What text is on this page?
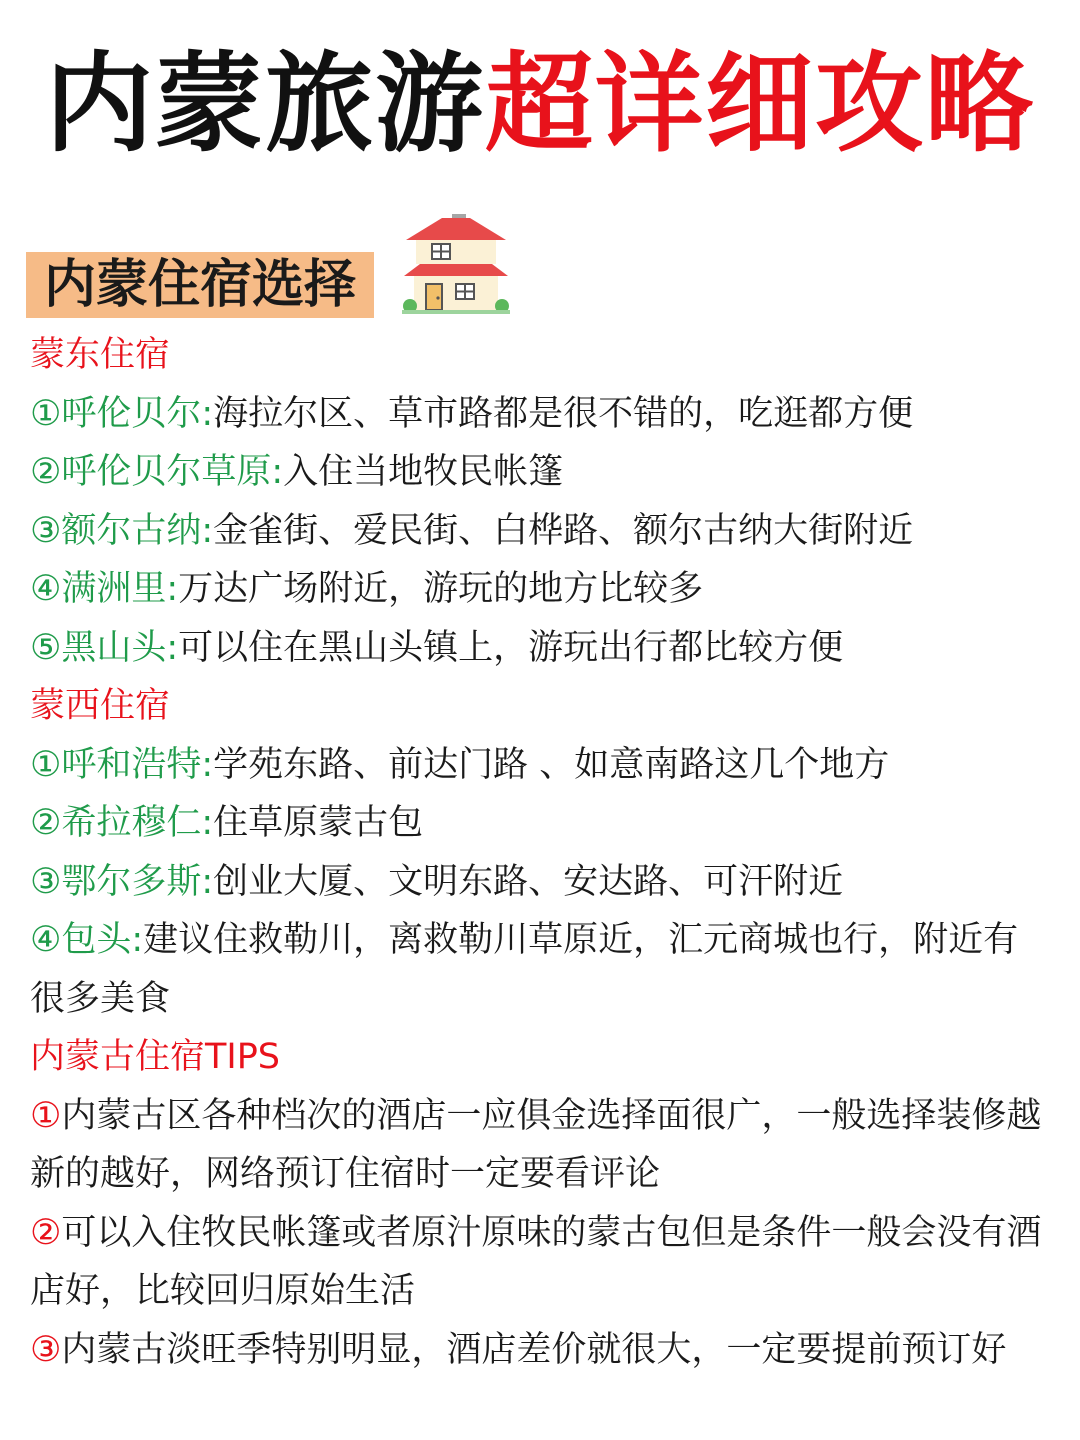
内蒙旅游超详细攻略
内蒙住宿选择
蒙东住宿
①呼伦贝尔:海拉尔区、草市路都是很不错的，吃逛都方便
②呼伦贝尔草原:入住当地牧民帐篷
③额尔古纳:金雀街、爱民街、白桦路、额尔古纳大街附近
④满洲里:万达广场附近，游玩的地方比较多
⑤黑山头:可以住在黑山头镇上，游玩出行都比较方便
蒙西住宿
①呼和浩特:学苑东路、前达门路 、如意南路这几个地方
②希拉穆仁:住草原蒙古包
③鄂尔多斯:创业大厦、文明东路、安达路、可汗附近
④包头:建议住救勒川，离救勒川草原近，汇元商城也行，附近有很多美食
内蒙古住宿TIPS
①内蒙古区各种档次的酒店一应俱金选择面很广，一般选择装修越新的越好，网络预订住宿时一定要看评论
②可以入住牧民帐篷或者原汁原味的蒙古包但是条件一般会没有酒店好，比较回归原始生活
③内蒙古淡旺季特别明显，酒店差价就很大，一定要提前预订好
